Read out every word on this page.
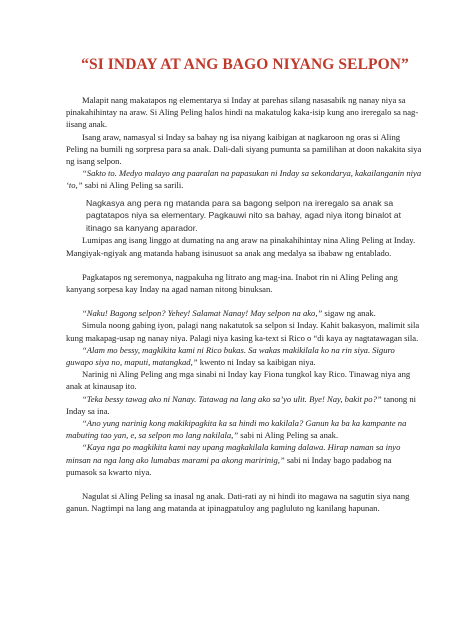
“SI INDAY AT ANG BAGO NIYANG SELPON”

Malapit nang makatapos ng elementarya si Inday at parehas silang nasasabik ng nanay niya sa pinakahihintay na araw. Si Aling Peling halos hindi na makatulog kaka-isip kung ano ireregalo sa nag-iisang anak.

Isang araw, namasyal si Inday sa bahay ng isa niyang kaibigan at nagkaroon ng oras si Aling Peling na bumili ng sorpresa para sa anak. Dali-dali siyang pumunta sa pamilihan at doon nakakita siya ng isang selpon.

“Sakto to. Medyo malayo ang paaralan na papasukan ni Inday sa sekondarya, kakailanganin niya ‘to,” sabi ni Aling Peling sa sarili.

Nagkasya ang pera ng matanda para sa bagong selpon na ireregalo sa anak sa pagtatapos niya sa elementary. Pagkauwi nito sa bahay, agad niya itong binalot at itinago sa kanyang aparador.

Lumipas ang isang linggo at dumating na ang araw na pinakahihintay nina Aling Peling at Inday. Mangiyak-ngiyak ang matanda habang isinusuot sa anak ang medalya sa ibabaw ng entablado.

Pagkatapos ng seremonya, nagpakuha ng litrato ang mag-ina. Inabot rin ni Aling Peling ang kanyang sorpesa kay Inday na agad naman nitong binuksan.

“Naku! Bagong selpon? Yehey! Salamat Nanay! May selpon na ako,” sigaw ng anak.

Simula noong gabing iyon, palagi nang nakatutok sa selpon si Inday. Kahit bakasyon, malimit sila kung makapag-usap ng nanay niya. Palagi niya kasing ka-text si Rico o “di kaya ay nagtatawagan sila.

“Alam mo bessy, magkikita kami ni Rico bukas. Sa wakas makikilala ko na rin siya. Siguro guwapo siya no, maputi, matangkad,” kwento ni Inday sa kaibigan niya.

Narinig ni Aling Peling ang mga sinabi ni Inday kay Fiona tungkol kay Rico. Tinawag niya ang anak at kinausap ito.

“Teka bessy tawag ako ni Nanay. Tatawag na lang ako sa’yo ulit. Bye! Nay, bakit po?” tanong ni Inday sa ina.

“Ano yung narinig kong makikipagkita ka sa hindi mo kakilala? Ganun ka ba ka kampante na mabuting tao yan, e, sa selpon mo lang nakilala,” sabi ni Aling Peling sa anak.

“Kaya nga po magkikita kami nay upang magkakilala kaming dalawa. Hirap naman sa inyo minsan na nga lang ako lumabas marami pa akong maririnig,” sabi ni Inday bago padabog na pumasok sa kwarto niya.

Nagulat si Aling Peling sa inasal ng anak. Dati-rati ay ni hindi ito magawa na sagutin siya nang ganun. Nagtimpi na lang ang matanda at ipinagpatuloy ang pagluluto ng kanilang hapunan.
